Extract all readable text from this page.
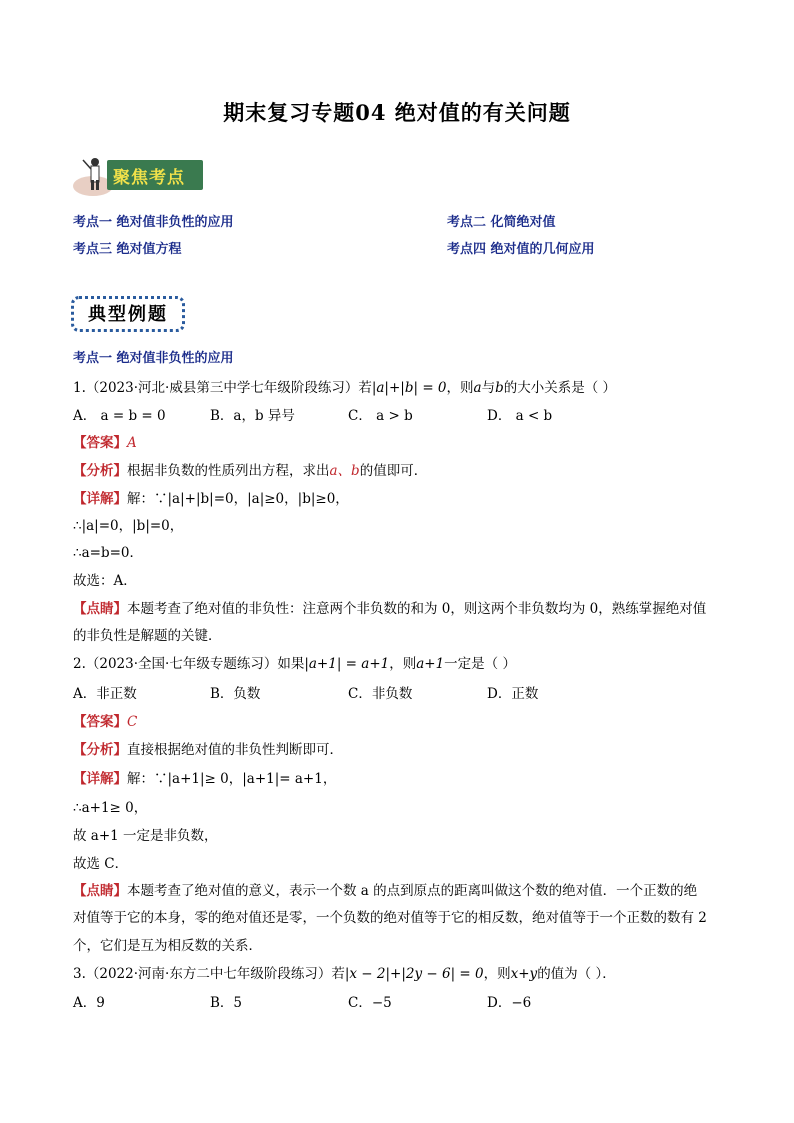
期末复习专题04 绝对值的有关问题
聚焦考点
考点一 绝对值非负性的应用	考点二 化简绝对值
考点三 绝对值方程	考点四 绝对值的几何应用
典型例题
考点一 绝对值非负性的应用
1.（2023·河北·威县第三中学七年级阶段练习）若|a|+|b| = 0，则a与b的大小关系是（ ）
A． a = b = 0	B．a，b 异号	C． a > b	D． a < b
【答案】A
【分析】根据非负数的性质列出方程，求出a、b的值即可．
【详解】解：∵|a|+|b|=0，|a|≥0，|b|≥0，
∴|a|=0，|b|=0，
∴a=b=0．
故选：A．
【点睛】本题考查了绝对值的非负性：注意两个非负数的和为 0，则这两个非负数均为 0，熟练掌握绝对值
的非负性是解题的关键．
2.（2023·全国·七年级专题练习）如果|a+1| = a+1，则a+1一定是（ ）
A．非正数	B．负数	C．非负数	D．正数
【答案】C
【分析】直接根据绝对值的非负性判断即可．
【详解】解：∵|a+1|≥ 0，|a+1|= a+1，
∴a+1≥ 0，
故 a+1 一定是非负数，
故选 C．
【点睛】本题考查了绝对值的意义，表示一个数 a 的点到原点的距离叫做这个数的绝对值．一个正数的绝
对值等于它的本身，零的绝对值还是零，一个负数的绝对值等于它的相反数，绝对值等于一个正数的数有 2
个，它们是互为相反数的关系．
3.（2022·河南·东方二中七年级阶段练习）若|x − 2|+|2y − 6| = 0，则x+y的值为（ ）．
A．9	B．5	C．−5	D．−6
